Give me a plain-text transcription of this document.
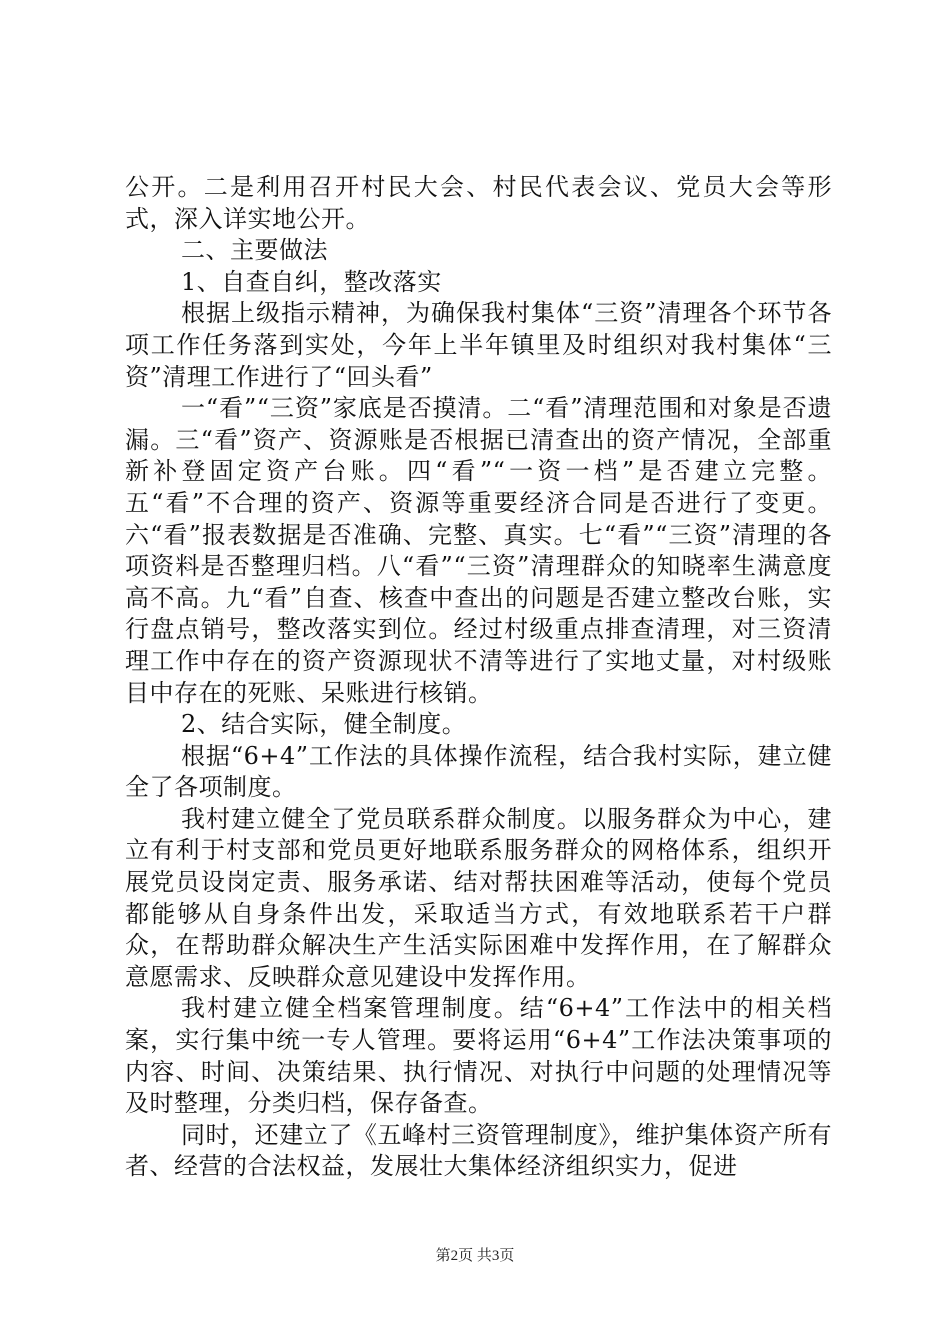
公开。二是利用召开村民大会、村民代表会议、党员大会等形式，深入详实地公开。

二、主要做法

1、自查自纠，整改落实

根据上级指示精神，为确保我村集体“三资”清理各个环节各项工作任务落到实处，今年上半年镇里及时组织对我村集体“三资”清理工作进行了“回头看”

一“看”“三资”家底是否摸清。二“看”清理范围和对象是否遗漏。三“看”资产、资源账是否根据已清查出的资产情况，全部重新补登固定资产台账。四“看”“一资一档”是否建立完整。五“看”不合理的资产、资源等重要经济合同是否进行了变更。六“看”报表数据是否准确、完整、真实。七“看”“三资”清理的各项资料是否整理归档。八“看”“三资”清理群众的知晓率生满意度高不高。九“看”自查、核查中查出的问题是否建立整改台账，实行盘点销号，整改落实到位。经过村级重点排查清理，对三资清理工作中存在的资产资源现状不清等进行了实地丈量，对村级账目中存在的死账、呆账进行核销。

2、结合实际，健全制度。

根据“6+4”工作法的具体操作流程，结合我村实际，建立健全了各项制度。

我村建立健全了党员联系群众制度。以服务群众为中心，建立有利于村支部和党员更好地联系服务群众的网格体系，组织开展党员设岗定责、服务承诺、结对帮扶困难等活动，使每个党员都能够从自身条件出发，采取适当方式，有效地联系若干户群众，在帮助群众解决生产生活实际困难中发挥作用，在了解群众意愿需求、反映群众意见建设中发挥作用。

我村建立健全档案管理制度。结“6+4”工作法中的相关档案，实行集中统一专人管理。要将运用“6+4”工作法决策事项的内容、时间、决策结果、执行情况、对执行中问题的处理情况等及时整理，分类归档，保存备查。

同时，还建立了《五峰村三资管理制度》，维护集体资产所有者、经营的合法权益，发展壮大集体经济组织实力，促进

第2页 共3页
